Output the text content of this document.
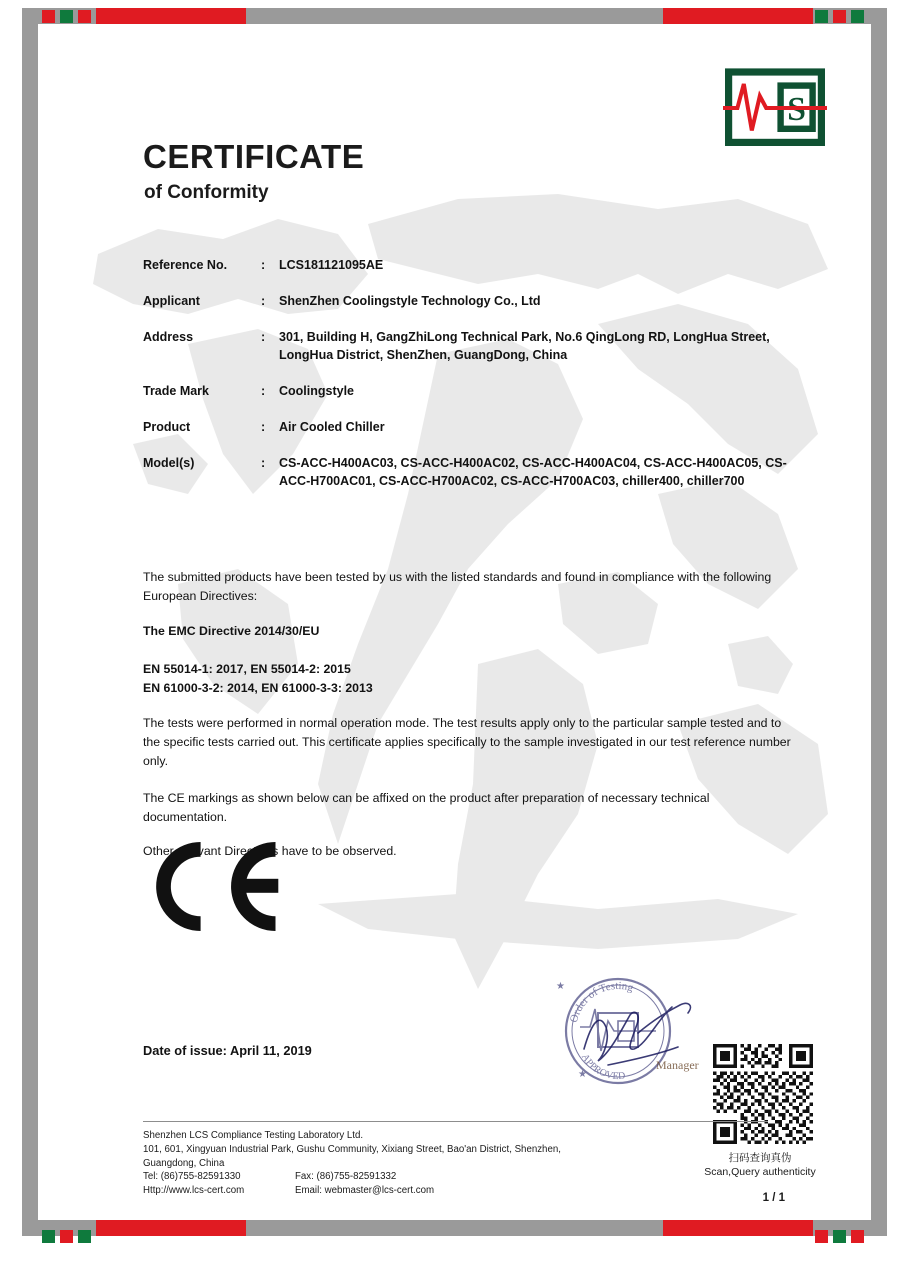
S
CERTIFICATE
of Conformity
Reference No.	:	LCS181121095AE
Applicant	:	ShenZhen Coolingstyle Technology Co., Ltd
Address	:	301, Building H, GangZhiLong Technical Park, No.6 QingLong RD, LongHua Street, LongHua District, ShenZhen, GuangDong, China
Trade Mark	:	Coolingstyle
Product	:	Air Cooled Chiller
Model(s)	:	CS-ACC-H400AC03, CS-ACC-H400AC02, CS-ACC-H400AC04, CS-ACC-H400AC05, CS-ACC-H700AC01, CS-ACC-H700AC02, CS-ACC-H700AC03, chiller400, chiller700
The submitted products have been tested by us with the listed standards and found in compliance with the following European Directives:
The EMC Directive 2014/30/EU
EN 55014-1: 2017, EN 55014-2: 2015
EN 61000-3-2: 2014, EN 61000-3-3: 2013
The tests were performed in normal operation mode. The test results apply only to the particular sample tested and to the specific tests carried out. This certificate applies specifically to the sample investigated in our test reference number only.
The CE markings as shown below can be affixed on the product after preparation of necessary technical documentation.
Other relevant Directives have to be observed.
Date of issue: April 11, 2019
Order of Testing
APPROVED
★
★
Manager
扫码查询真伪
Scan,Query authenticity
Shenzhen LCS Compliance Testing Laboratory Ltd.
101, 601, Xingyuan Industrial Park, Gushu Community, Xixiang Street, Bao'an District, Shenzhen,
Guangdong, China
Tel: (86)755-82591330	Fax: (86)755-82591332
Http://www.lcs-cert.com	Email: webmaster@lcs-cert.com
1 / 1
